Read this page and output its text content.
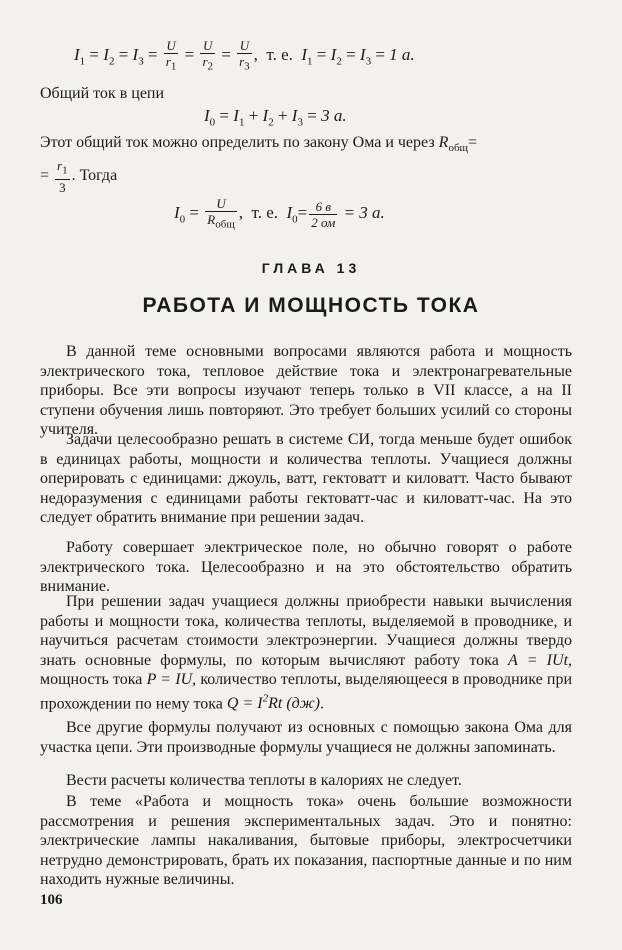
$I_1 = I_2 = I_3 = \frac{U}{r_1} = \frac{U}{r_2} = \frac{U}{r_3}$ ,  т. е. $I_1 = I_2 = I_3 = 1$ a.

Общий ток в цепи

$I_0 = I_1 + I_2 + I_3 = 3$ a.

Этот общий ток можно определить по закону Ома и через $R_{общ}=$
= $\frac{r_1}{3}$ . Тогда

$I_0 = \frac{U}{R_{общ}}$ ,  т. е. $I_0= \frac{6 в}{2 ом} = 3$ a.
ГЛАВА 13
РАБОТА И МОЩНОСТЬ ТОКА

В данной теме основными вопросами являются работа и мощность электрического тока, тепловое действие тока и электронагревательные приборы. Все эти вопросы изучают теперь только в VII классе, а на II ступени обучения лишь повторяют. Это требует больших усилий со стороны учителя.

Задачи целесообразно решать в системе СИ, тогда меньше будет ошибок в единицах работы, мощности и количества теплоты. Учащиеся должны оперировать с единицами: джоуль, ватт, гектоватт и киловатт. Часто бывают недоразумения с единицами работы гектоватт-час и киловатт-час. На это следует обратить внимание при решении задач.

Работу совершает электрическое поле, но обычно говорят о работе электрического тока. Целесообразно и на это обстоятельство обратить внимание.

При решении задач учащиеся должны приобрести навыки вычисления работы и мощности тока, количества теплоты, выделяемой в проводнике, и научиться расчетам стоимости электроэнергии. Учащиеся должны твердо знать основные формулы, по которым вычисляют работу тока A = IUt, мощность тока P = IU, количество теплоты, выделяющееся в проводнике при прохождении по нему тока $Q = I^2Rt$ (дж).

Все другие формулы получают из основных с помощью закона Ома для участка цепи. Эти производные формулы учащиеся не должны запоминать.

Вести расчеты количества теплоты в калориях не следует.

В теме «Работа и мощность тока» очень большие возможности рассмотрения и решения экспериментальных задач. Это и понятно: электрические лампы накаливания, бытовые приборы, электросчетчики нетрудно демонстрировать, брать их показания, паспортные данные и по ним находить нужные величины.

106
